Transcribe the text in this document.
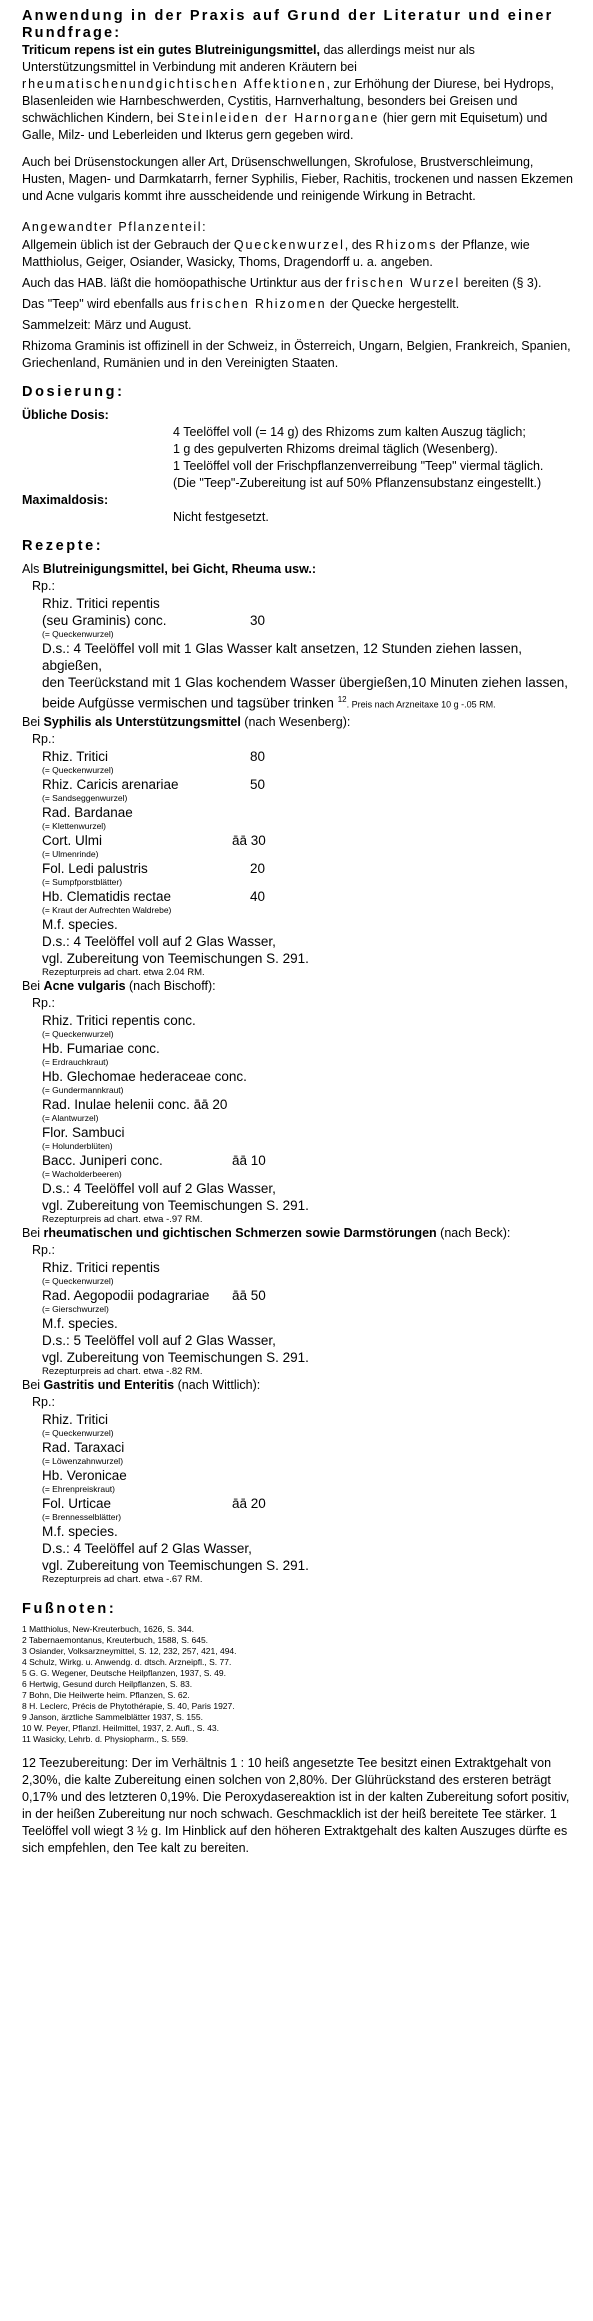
Anwendung in der Praxis auf Grund der Literatur und einer Rundfrage:

Triticum repens ist ein gutes Blutreinigungsmittel, das allerdings meist nur als Unterstützungsmittel in Verbindung mit anderen Kräutern bei rheumatischenundgichtischen Affektionen, zur Erhöhung der Diurese, bei Hydrops, Blasenleiden wie Harnbeschwerden, Cystitis, Harnverhaltung, besonders bei Greisen und schwächlichen Kindern, bei Steinleiden der Harnorgane (hier gern mit Equisetum) und Galle, Milz- und Leberleiden und Ikterus gern gegeben wird.

Auch bei Drüsenstockungen aller Art, Drüsenschwellungen, Skrofulose, Brustverschleimung, Husten, Magen- und Darmkatarrh, ferner Syphilis, Fieber, Rachitis, trockenen und nassen Ekzemen und Acne vulgaris kommt ihre ausscheidende und reinigende Wirkung in Betracht.

Angewandter Pflanzenteil:

Allgemein üblich ist der Gebrauch der Queckenwurzel, des Rhizoms der Pflanze, wie Matthiolus, Geiger, Osiander, Wasicky, Thoms, Dragendorff u. a. angeben.

Auch das HAB. läßt die homöopathische Urtinktur aus der frischen Wurzel bereiten (§ 3).

Das "Teep" wird ebenfalls aus frischen Rhizomen der Quecke hergestellt.

Sammelzeit: März und August.

Rhizoma Graminis ist offizinell in der Schweiz, in Österreich, Ungarn, Belgien, Frankreich, Spanien, Griechenland, Rumänien und in den Vereinigten Staaten.

Dosierung:
Übliche Dosis:
4 Teelöffel voll (= 14 g) des Rhizoms zum kalten Auszug täglich;
1 g des gepulverten Rhizoms dreimal täglich (Wesenberg).
1 Teelöffel voll der Frischpflanzenverreibung "Teep" viermal täglich.
(Die "Teep"-Zubereitung ist auf 50% Pflanzensubstanz eingestellt.)
Maximaldosis:
Nicht festgesetzt.
Rezepte:
Als Blutreinigungsmittel, bei Gicht, Rheuma usw.:
Rp.:
Rhiz. Tritici repentis
(seu Graminis) conc.	30
(= Queckenwurzel)
D.s.: 4 Teelöffel voll mit 1 Glas Wasser kalt ansetzen, 12 Stunden ziehen lassen, abgießen,
den Teerückstand mit 1 Glas kochendem Wasser übergießen,10 Minuten ziehen lassen,
beide Aufgüsse vermischen und tagsüber trinken $^{12}$. Preis nach Arzneitaxe 10 g -.05 RM.
Bei Syphilis als Unterstützungsmittel (nach Wesenberg):
Rp.:
Rhiz. Tritici	80
(= Queckenwurzel)
Rhiz. Caricis arenariae	50
(= Sandseggenwurzel)
Rad. Bardanae
(= Klettenwurzel)
Cort. Ulmi	āā 30
(= Ulmenrinde)
Fol. Ledi palustris	20
(= Sumpfporstblätter)
Hb. Clematidis rectae	40
(= Kraut der Aufrechten Waldrebe)
M.f. species.
D.s.: 4 Teelöffel voll auf 2 Glas Wasser,
vgl. Zubereitung von Teemischungen S. 291.
Rezepturpreis ad chart. etwa 2.04 RM.
Bei Acne vulgaris (nach Bischoff):
Rp.:
Rhiz. Tritici repentis conc.
(= Queckenwurzel)
Hb. Fumariae conc.
(= Erdrauchkraut)
Hb. Glechomae hederaceae conc.
(= Gundermannkraut)
Rad. Inulae helenii conc. āā 20
(= Alantwurzel)
Flor. Sambuci
(= Holunderblüten)
Bacc. Juniperi conc.	āā 10
(= Wacholderbeeren)
D.s.: 4 Teelöffel voll auf 2 Glas Wasser,
vgl. Zubereitung von Teemischungen S. 291.
Rezepturpreis ad chart. etwa -.97 RM.
Bei rheumatischen und gichtischen Schmerzen sowie Darmstörungen (nach Beck):
Rp.:
Rhiz. Tritici repentis
(= Queckenwurzel)
Rad. Aegopodii podagrariae āā 50
(= Gierschwurzel)
M.f. species.
D.s.: 5 Teelöffel voll auf 2 Glas Wasser,
vgl. Zubereitung von Teemischungen S. 291.
Rezepturpreis ad chart. etwa -.82 RM.
Bei Gastritis und Enteritis (nach Wittlich):
Rp.:
Rhiz. Tritici
(= Queckenwurzel)
Rad. Taraxaci
(= Löwenzahnwurzel)
Hb. Veronicae
(= Ehrenpreiskraut)
Fol. Urticae	āā 20
(= Brennesselblätter)
M.f. species.
D.s.: 4 Teelöffel auf 2 Glas Wasser,
vgl. Zubereitung von Teemischungen S. 291.
Rezepturpreis ad chart. etwa -.67 RM.
Fußnoten:
1 Matthiolus, New-Kreuterbuch, 1626, S. 344.
2 Tabernaemontanus, Kreuterbuch, 1588, S. 645.
3 Osiander, Volksarzneymittel, S. 12, 232, 257, 421, 494.
4 Schulz, Wirkg. u. Anwendg. d. dtsch. Arzneipfl., S. 77.
5 G. G. Wegener, Deutsche Heilpflanzen, 1937, S. 49.
6 Hertwig, Gesund durch Heilpflanzen, S. 83.
7 Bohn, Die Heilwerte heim. Pflanzen, S. 62.
8 H. Leclerc, Précis de Phytothérapie, S. 40, Paris 1927.
9 Janson, ärztliche Sammelblätter 1937, S. 155.
10 W. Peyer, Pflanzl. Heilmittel, 1937, 2. Aufl., S. 43.
11 Wasicky, Lehrb. d. Physiopharm., S. 559.

12 Teezubereitung: Der im Verhältnis 1 : 10 heiß angesetzte Tee besitzt einen Extraktgehalt von 2,30%, die kalte Zubereitung einen solchen von 2,80%. Der Glührückstand des ersteren beträgt 0,17% und des letzteren 0,19%. Die Peroxydasereaktion ist in der kalten Zubereitung sofort positiv, in der heißen Zubereitung nur noch schwach. Geschmacklich ist der heiß bereitete Tee stärker. 1 Teelöffel voll wiegt 3 ½ g. Im Hinblick auf den höheren Extraktgehalt des kalten Auszuges dürfte es sich empfehlen, den Tee kalt zu bereiten.
